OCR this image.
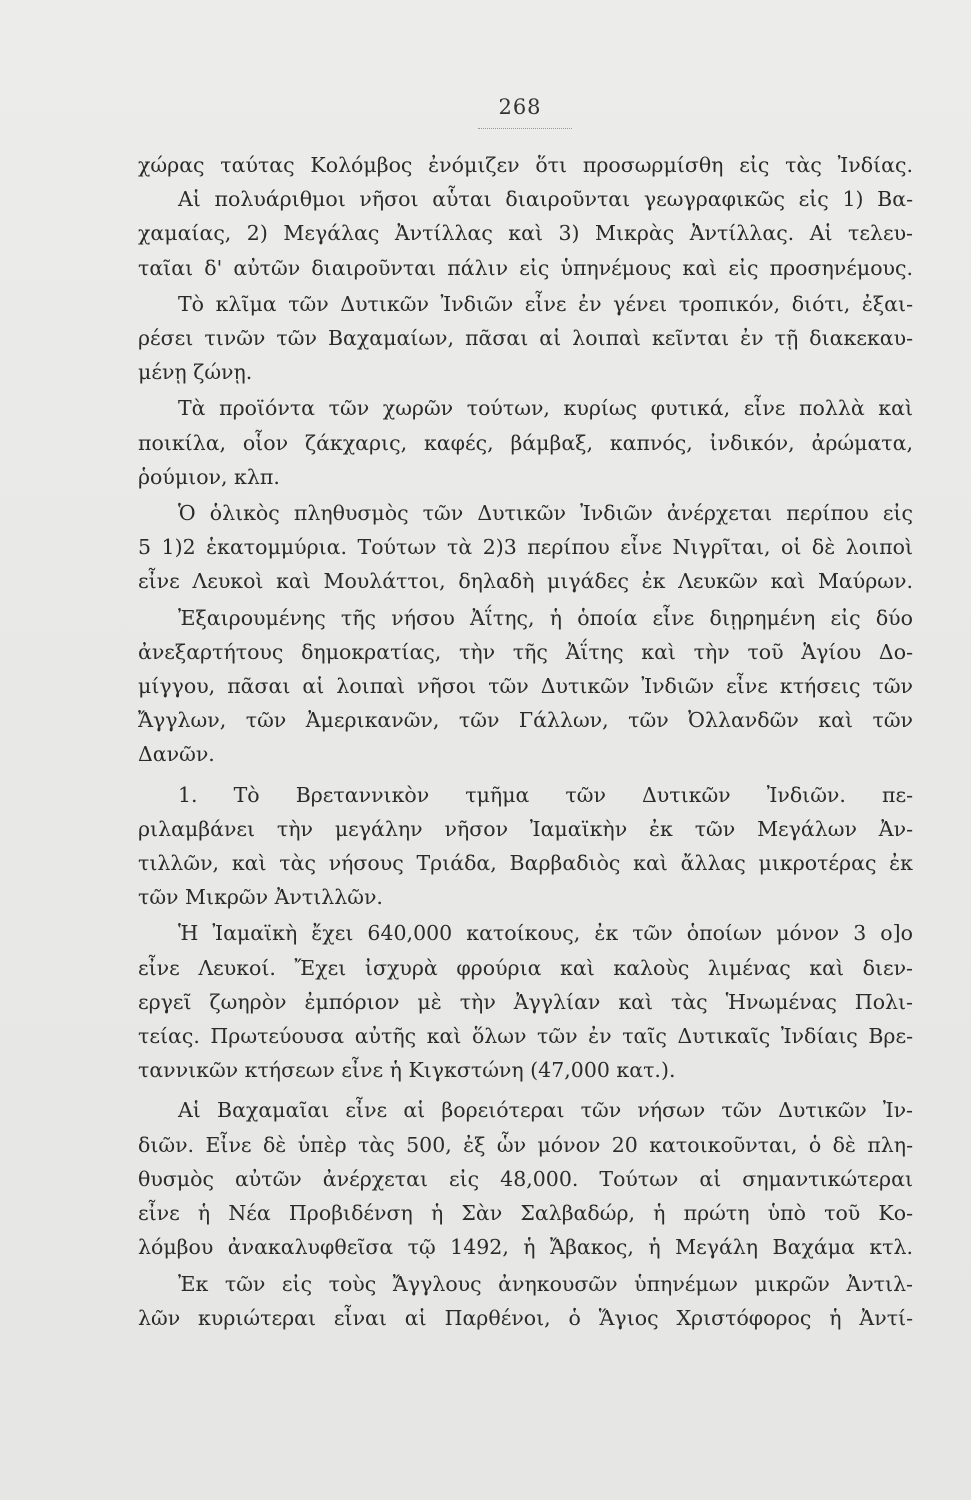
268
χώρας ταύτας Κολόμβος ἐνόμιζεν ὅτι προσωρμίσθη εἰς τὰς Ἰνδίας.
Αἱ πολυάριθμοι νῆσοι αὗται διαιροῦνται γεωγραφικῶς εἰς 1) Βα-
χαμαίας, 2) Μεγάλας Ἀντίλλας καὶ 3) Μικρὰς Ἀντίλλας. Αἱ τελευ-
ταῖαι δ' αὐτῶν διαιροῦνται πάλιν εἰς ὑπηνέμους καὶ εἰς προσηνέμους.
Τὸ κλῖμα τῶν Δυτικῶν Ἰνδιῶν εἶνε ἐν γένει τροπικόν, διότι, ἐξαι-
ρέσει τινῶν τῶν Βαχαμαίων, πᾶσαι αἱ λοιπαὶ κεῖνται ἐν τῇ διακεκαυ-
μένῃ ζώνῃ.
Τὰ προϊόντα τῶν χωρῶν τούτων, κυρίως φυτικά, εἶνε πολλὰ καὶ
ποικίλα, οἷον ζάκχαρις, καφές, βάμβαξ, καπνός, ἰνδικόν, ἀρώματα,
ῥούμιον, κλπ.
Ὁ ὁλικὸς πληθυσμὸς τῶν Δυτικῶν Ἰνδιῶν ἀνέρχεται περίπου εἰς
5 1)2 ἑκατομμύρια. Τούτων τὰ 2)3 περίπου εἶνε Νιγρῖται, οἱ δὲ λοιποὶ
εἶνε Λευκοὶ καὶ Μουλάττοι, δηλαδὴ μιγάδες ἐκ Λευκῶν καὶ Μαύρων.
Ἐξαιρουμένης τῆς νήσου Ἀΐτης, ἡ ὁποία εἶνε διῃρημένη εἰς δύο
ἀνεξαρτήτους δημοκρατίας, τὴν τῆς Ἀΐτης καὶ τὴν τοῦ Ἁγίου Δο-
μίγγου, πᾶσαι αἱ λοιπαὶ νῆσοι τῶν Δυτικῶν Ἰνδιῶν εἶνε κτήσεις τῶν
Ἄγγλων, τῶν Ἀμερικανῶν, τῶν Γάλλων, τῶν Ὀλλανδῶν καὶ τῶν
Δανῶν.
1. Τὸ Βρεταννικὸν τμῆμα τῶν Δυτικῶν Ἰνδιῶν. πε-
ριλαμβάνει τὴν μεγάλην νῆσον Ἰαμαϊκὴν ἐκ τῶν Μεγάλων Ἀν-
τιλλῶν, καὶ τὰς νήσους Τριάδα, Βαρβαδιὸς καὶ ἄλλας μικροτέρας ἐκ
τῶν Μικρῶν Ἀντιλλῶν.
Ἡ Ἰαμαϊκὴ ἔχει 640,000 κατοίκους, ἐκ τῶν ὁποίων μόνον 3 ο]ο
εἶνε Λευκοί. Ἔχει ἰσχυρὰ φρούρια καὶ καλοὺς λιμένας καὶ διεν-
εργεῖ ζωηρὸν ἐμπόριον μὲ τὴν Ἀγγλίαν καὶ τὰς Ἡνωμένας Πολι-
τείας. Πρωτεύουσα αὐτῆς καὶ ὅλων τῶν ἐν ταῖς Δυτικαῖς Ἰνδίαις Βρε-
ταννικῶν κτήσεων εἶνε ἡ Κιγκστώνη (47,000 κατ.).
Αἱ Βαχαμαῖαι εἶνε αἱ βορειότεραι τῶν νήσων τῶν Δυτικῶν Ἰν-
διῶν. Εἶνε δὲ ὑπὲρ τὰς 500, ἐξ ὧν μόνον 20 κατοικοῦνται, ὁ δὲ πλη-
θυσμὸς αὐτῶν ἀνέρχεται εἰς 48,000. Τούτων αἱ σημαντικώτεραι
εἶνε ἡ Νέα Προβιδένση ἡ Σὰν Σαλβαδώρ, ἡ πρώτη ὑπὸ τοῦ Κο-
λόμβου ἀνακαλυφθεῖσα τῷ 1492, ἡ Ἄβακος, ἡ Μεγάλη Βαχάμα κτλ.
Ἐκ τῶν εἰς τοὺς Ἄγγλους ἀνηκουσῶν ὑπηνέμων μικρῶν Ἀντιλ-
λῶν κυριώτεραι εἶναι αἱ Παρθένοι, ὁ Ἅγιος Χριστόφορος ἡ Ἀντί-
